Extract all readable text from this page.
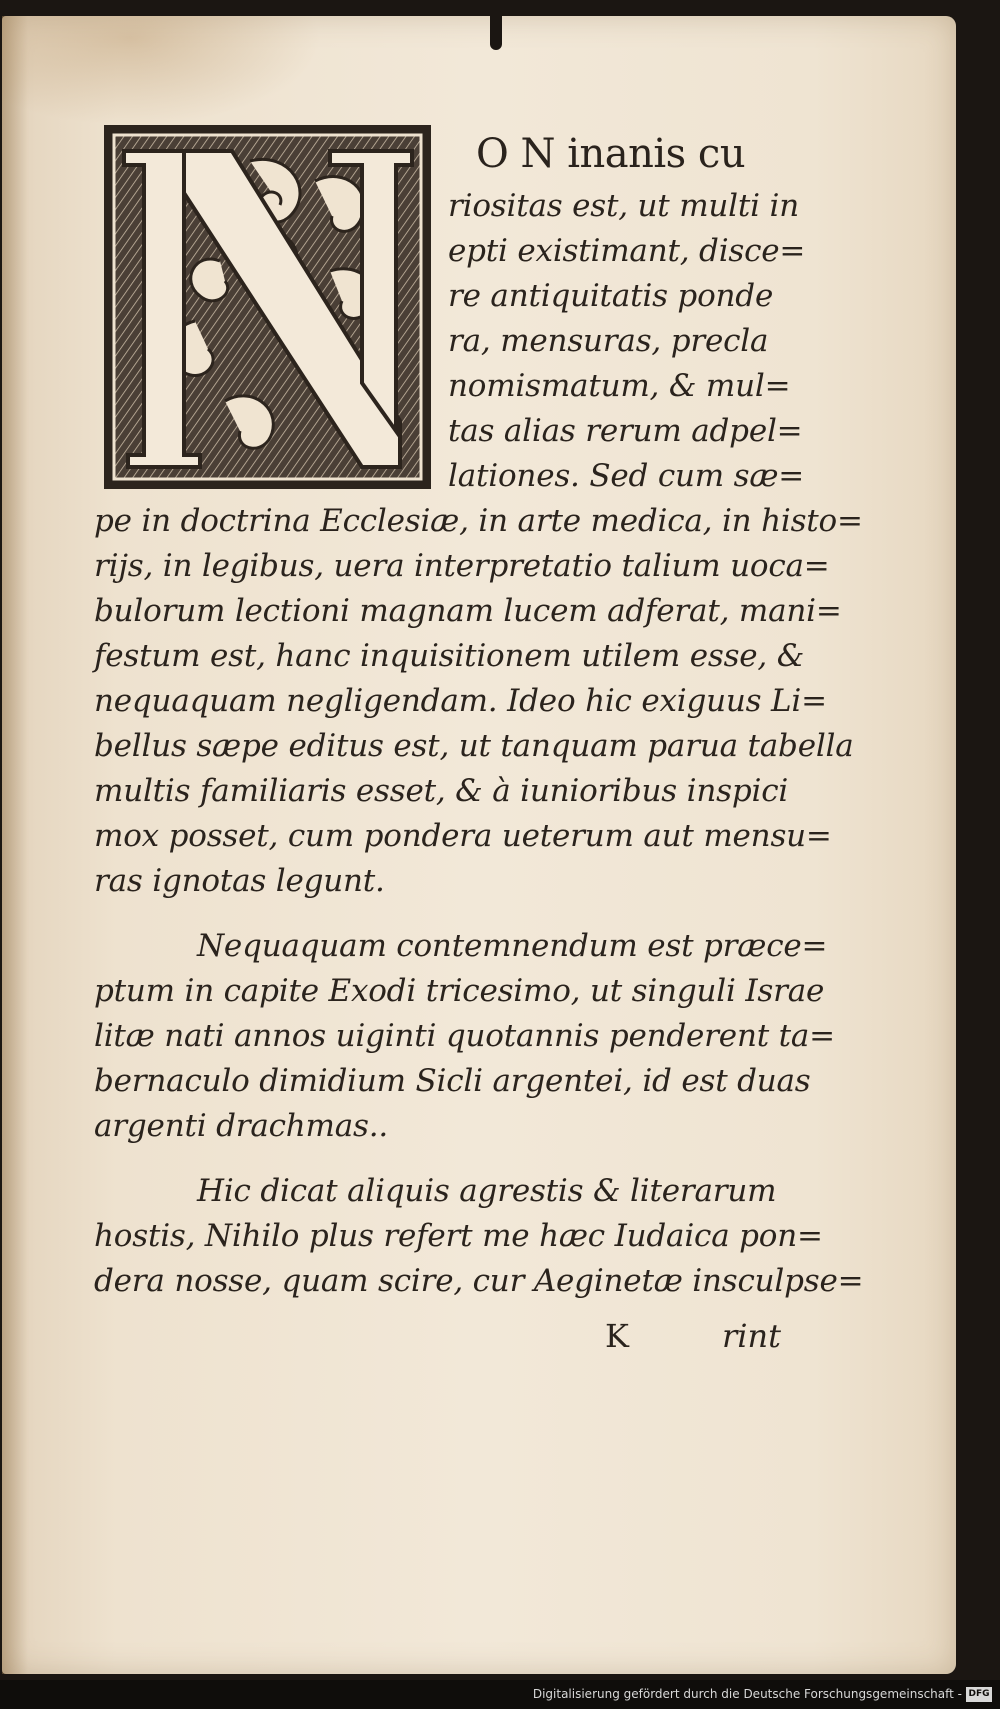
O N inanis cu

riositas est, ut multi in

epti existimant, disce=

re antiquitatis ponde

ra, mensuras, precla

nomismatum, & mul=

tas alias rerum adpel=

lationes. Sed cum sæ=

pe in doctrina Ecclesiæ, in arte medica, in histo=

rijs, in legibus, uera interpretatio talium uoca=

bulorum lectioni magnam lucem adferat, mani=

festum est, hanc inquisitionem utilem esse, &

nequaquam negligendam. Ideo hic exiguus Li=

bellus sæpe editus est, ut tanquam parua tabella

multis familiaris esset, & à iunioribus inspici

mox posset, cum pondera ueterum aut mensu=

ras ignotas legunt.

Nequaquam contemnendum est præce=

ptum in capite Exodi tricesimo, ut singuli Israe

litæ nati annos uiginti quotannis penderent ta=

bernaculo dimidium Sicli argentei, id est duas

argenti drachmas..

Hic dicat aliquis agrestis & literarum

hostis, Nihilo plus refert me hæc Iudaica pon=

dera nosse, quam scire, cur Aeginetæ insculpse=

K	rint

Digitalisierung gefördert durch die Deutsche Forschungsgemeinschaft - DFG
